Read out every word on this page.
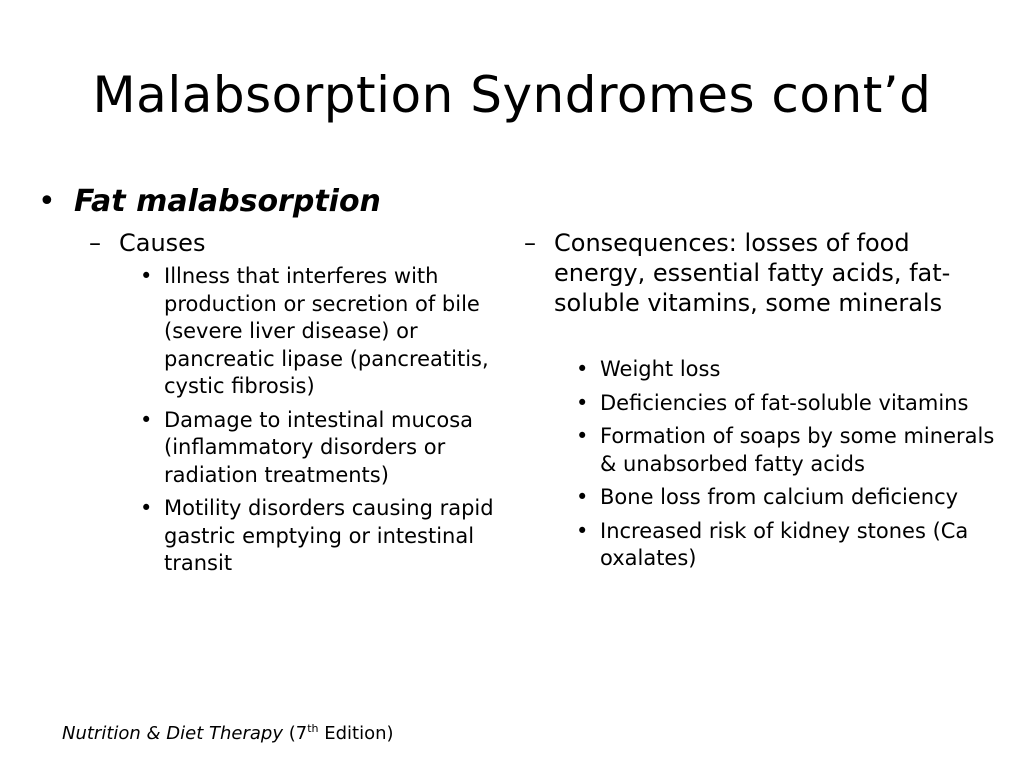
Malabsorption Syndromes cont’d
• Fat malabsorption
– Causes
• Illness that interferes with production or secretion of bile (severe liver disease) or pancreatic lipase (pancreatitis, cystic fibrosis)
• Damage to intestinal mucosa (inflammatory disorders or radiation treatments)
• Motility disorders causing rapid gastric emptying or intestinal transit
– Consequences: losses of food energy, essential fatty acids, fat-soluble vitamins, some minerals
• Weight loss
• Deficiencies of fat-soluble vitamins
• Formation of soaps by some minerals & unabsorbed fatty acids
• Bone loss from calcium deficiency
• Increased risk of kidney stones (Ca oxalates)
Nutrition & Diet Therapy (7th Edition)
